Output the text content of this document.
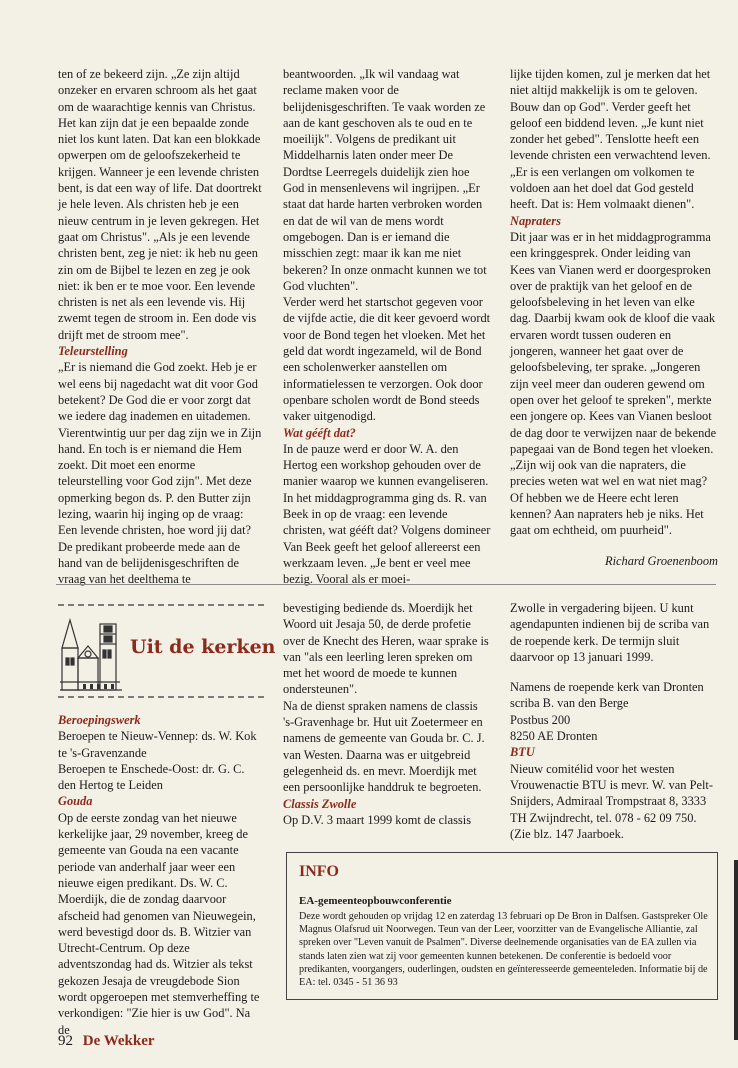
ten of ze bekeerd zijn. „Ze zijn altijd onzeker en ervaren schroom als het gaat om de waarachtige kennis van Christus. Het kan zijn dat je een bepaalde zonde niet los kunt laten. Dat kan een blokkade opwerpen om de geloofszekerheid te krijgen. Wanneer je een levende christen bent, is dat een way of life. Dat doortrekt je hele leven. Als christen heb je een nieuw centrum in je leven gekregen. Het gaat om Christus". „Als je een levende christen bent, zeg je niet: ik heb nu geen zin om de Bijbel te lezen en zeg je ook niet: ik ben er te moe voor. Een levende christen is net als een levende vis. Hij zwemt tegen de stroom in. Een dode vis drijft met de stroom mee".

Teleurstelling

„Er is niemand die God zoekt. Heb je er wel eens bij nagedacht wat dit voor God betekent? De God die er voor zorgt dat we iedere dag inademen en uitademen. Vierentwintig uur per dag zijn we in Zijn hand. En toch is er niemand die Hem zoekt. Dit moet een enorme teleurstelling voor God zijn". Met deze opmerking begon ds. P. den Butter zijn lezing, waarin hij inging op de vraag: Een levende christen, hoe word jij dat? De predikant probeerde mede aan de hand van de belijdenisgeschriften de vraag van het deelthema te

beantwoorden. „Ik wil vandaag wat reclame maken voor de belijdenisgeschriften. Te vaak worden ze aan de kant geschoven als te oud en te moeilijk". Volgens de predikant uit Middelharnis laten onder meer De Dordtse Leerregels duidelijk zien hoe God in mensenlevens wil ingrijpen. „Er staat dat harde harten verbroken worden en dat de wil van de mens wordt omgebogen. Dan is er iemand die misschien zegt: maar ik kan me niet bekeren? In onze onmacht kunnen we tot God vluchten".

Verder werd het startschot gegeven voor de vijfde actie, die dit keer gevoerd wordt voor de Bond tegen het vloeken. Met het geld dat wordt ingezameld, wil de Bond een scholenwerker aanstellen om informatielessen te verzorgen. Ook door openbare scholen wordt de Bond steeds vaker uitgenodigd.

Wat gééft dat?

In de pauze werd er door W. A. den Hertog een workshop gehouden over de manier waarop we kunnen evangeliseren. In het middagprogramma ging ds. R. van Beek in op de vraag: een levende christen, wat gééft dat? Volgens domineer Van Beek geeft het geloof allereerst een werkzaam leven. „Je bent er veel mee bezig. Vooral als er moei-

lijke tijden komen, zul je merken dat het niet altijd makkelijk is om te geloven. Bouw dan op God". Verder geeft het geloof een biddend leven. „Je kunt niet zonder het gebed". Tenslotte heeft een levende christen een verwachtend leven. „Er is een verlangen om volkomen te voldoen aan het doel dat God gesteld heeft. Dat is: Hem volmaakt dienen".

Naprаters

Dit jaar was er in het middagprogramma een kringgesprek. Onder leiding van Kees van Vianen werd er doorgesproken over de praktijk van het geloof en de geloofsbeleving in het leven van elke dag. Daarbij kwam ook de kloof die vaak ervaren wordt tussen ouderen en jongeren, wanneer het gaat over de geloofsbeleving, ter sprake. „Jongeren zijn veel meer dan ouderen gewend om open over het geloof te spreken", merkte een jongere op. Kees van Vianen besloot de dag door te verwijzen naar de bekende papegaai van de Bond tegen het vloeken. „Zijn wij ook van die napraters, die precies weten wat wel en wat niet mag? Of hebben we de Heere echt leren kennen? Aan napraters heb je niks. Het gaat om echtheid, om puurheid".

Richard Groenenboom
Uit de kerken

Beroepingswerk

Beroepen te Nieuw-Vennep: ds. W. Kok te 's-Gravenzande

Beroepen te Enschede-Oost: dr. G. C. den Hertog te Leiden

Gouda

Op de eerste zondag van het nieuwe kerkelijke jaar, 29 november, kreeg de gemeente van Gouda na een vacante periode van anderhalf jaar weer een nieuwe eigen predikant. Ds. W. C. Moerdijk, die de zondag daarvoor afscheid had genomen van Nieuwegein, werd bevestigd door ds. B. Witzier van Utrecht-Centrum. Op deze adventszondag had ds. Witzier als tekst gekozen Jesaja de vreugdebode Sion wordt opgeroepen met stemverheffing te verkondigen: "Zie hier is uw God". Na de

bevestiging bediende ds. Moerdijk het Woord uit Jesaja 50, de derde profetie over de Knecht des Heren, waar sprake is van "als een leerling leren spreken om met het woord de moede te kunnen ondersteunen".

Na de dienst spraken namens de classis 's-Gravenhage br. Hut uit Zoetermeer en namens de gemeente van Gouda br. C. J. van Westen. Daarna was er uitgebreid gelegenheid ds. en mevr. Moerdijk met een persoonlijke handdruk te begroeten.

Classis Zwolle

Op D.V. 3 maart 1999 komt de classis

Zwolle in vergadering bijeen. U kunt agendapunten indienen bij de scriba van de roepende kerk. De termijn sluit daarvoor op 13 januari 1999.

Namens de roepende kerk van Dronten scriba B. van den Berge

Postbus 200

8250 AE Dronten

BTU

Nieuw comitélid voor het westen Vrouwenactie BTU is mevr. W. van Pelt-Snijders, Admiraal Trompstraat 8, 3333 TH Zwijndrecht, tel. 078 - 62 09 750. (Zie blz. 147 Jaarboek.

INFO
EA-gemeenteopbouwconferentie
Deze wordt gehouden op vrijdag 12 en zaterdag 13 februari op De Bron in Dalfsen. Gastspreker Ole Magnus Olafsrud uit Noorwegen. Teun van der Leer, voorzitter van de Evangelische Alliantie, zal spreken over "Leven vanuit de Psalmen". Diverse deelnemende organisaties van de EA zullen via stands laten zien wat zij voor gemeenten kunnen betekenen. De conferentie is bedoeld voor predikanten, voorgangers, ouderlingen, oudsten en geïnteresseerde gemeenteleden. Informatie bij de EA: tel. 0345 - 51 36 93
92 De Wekker
